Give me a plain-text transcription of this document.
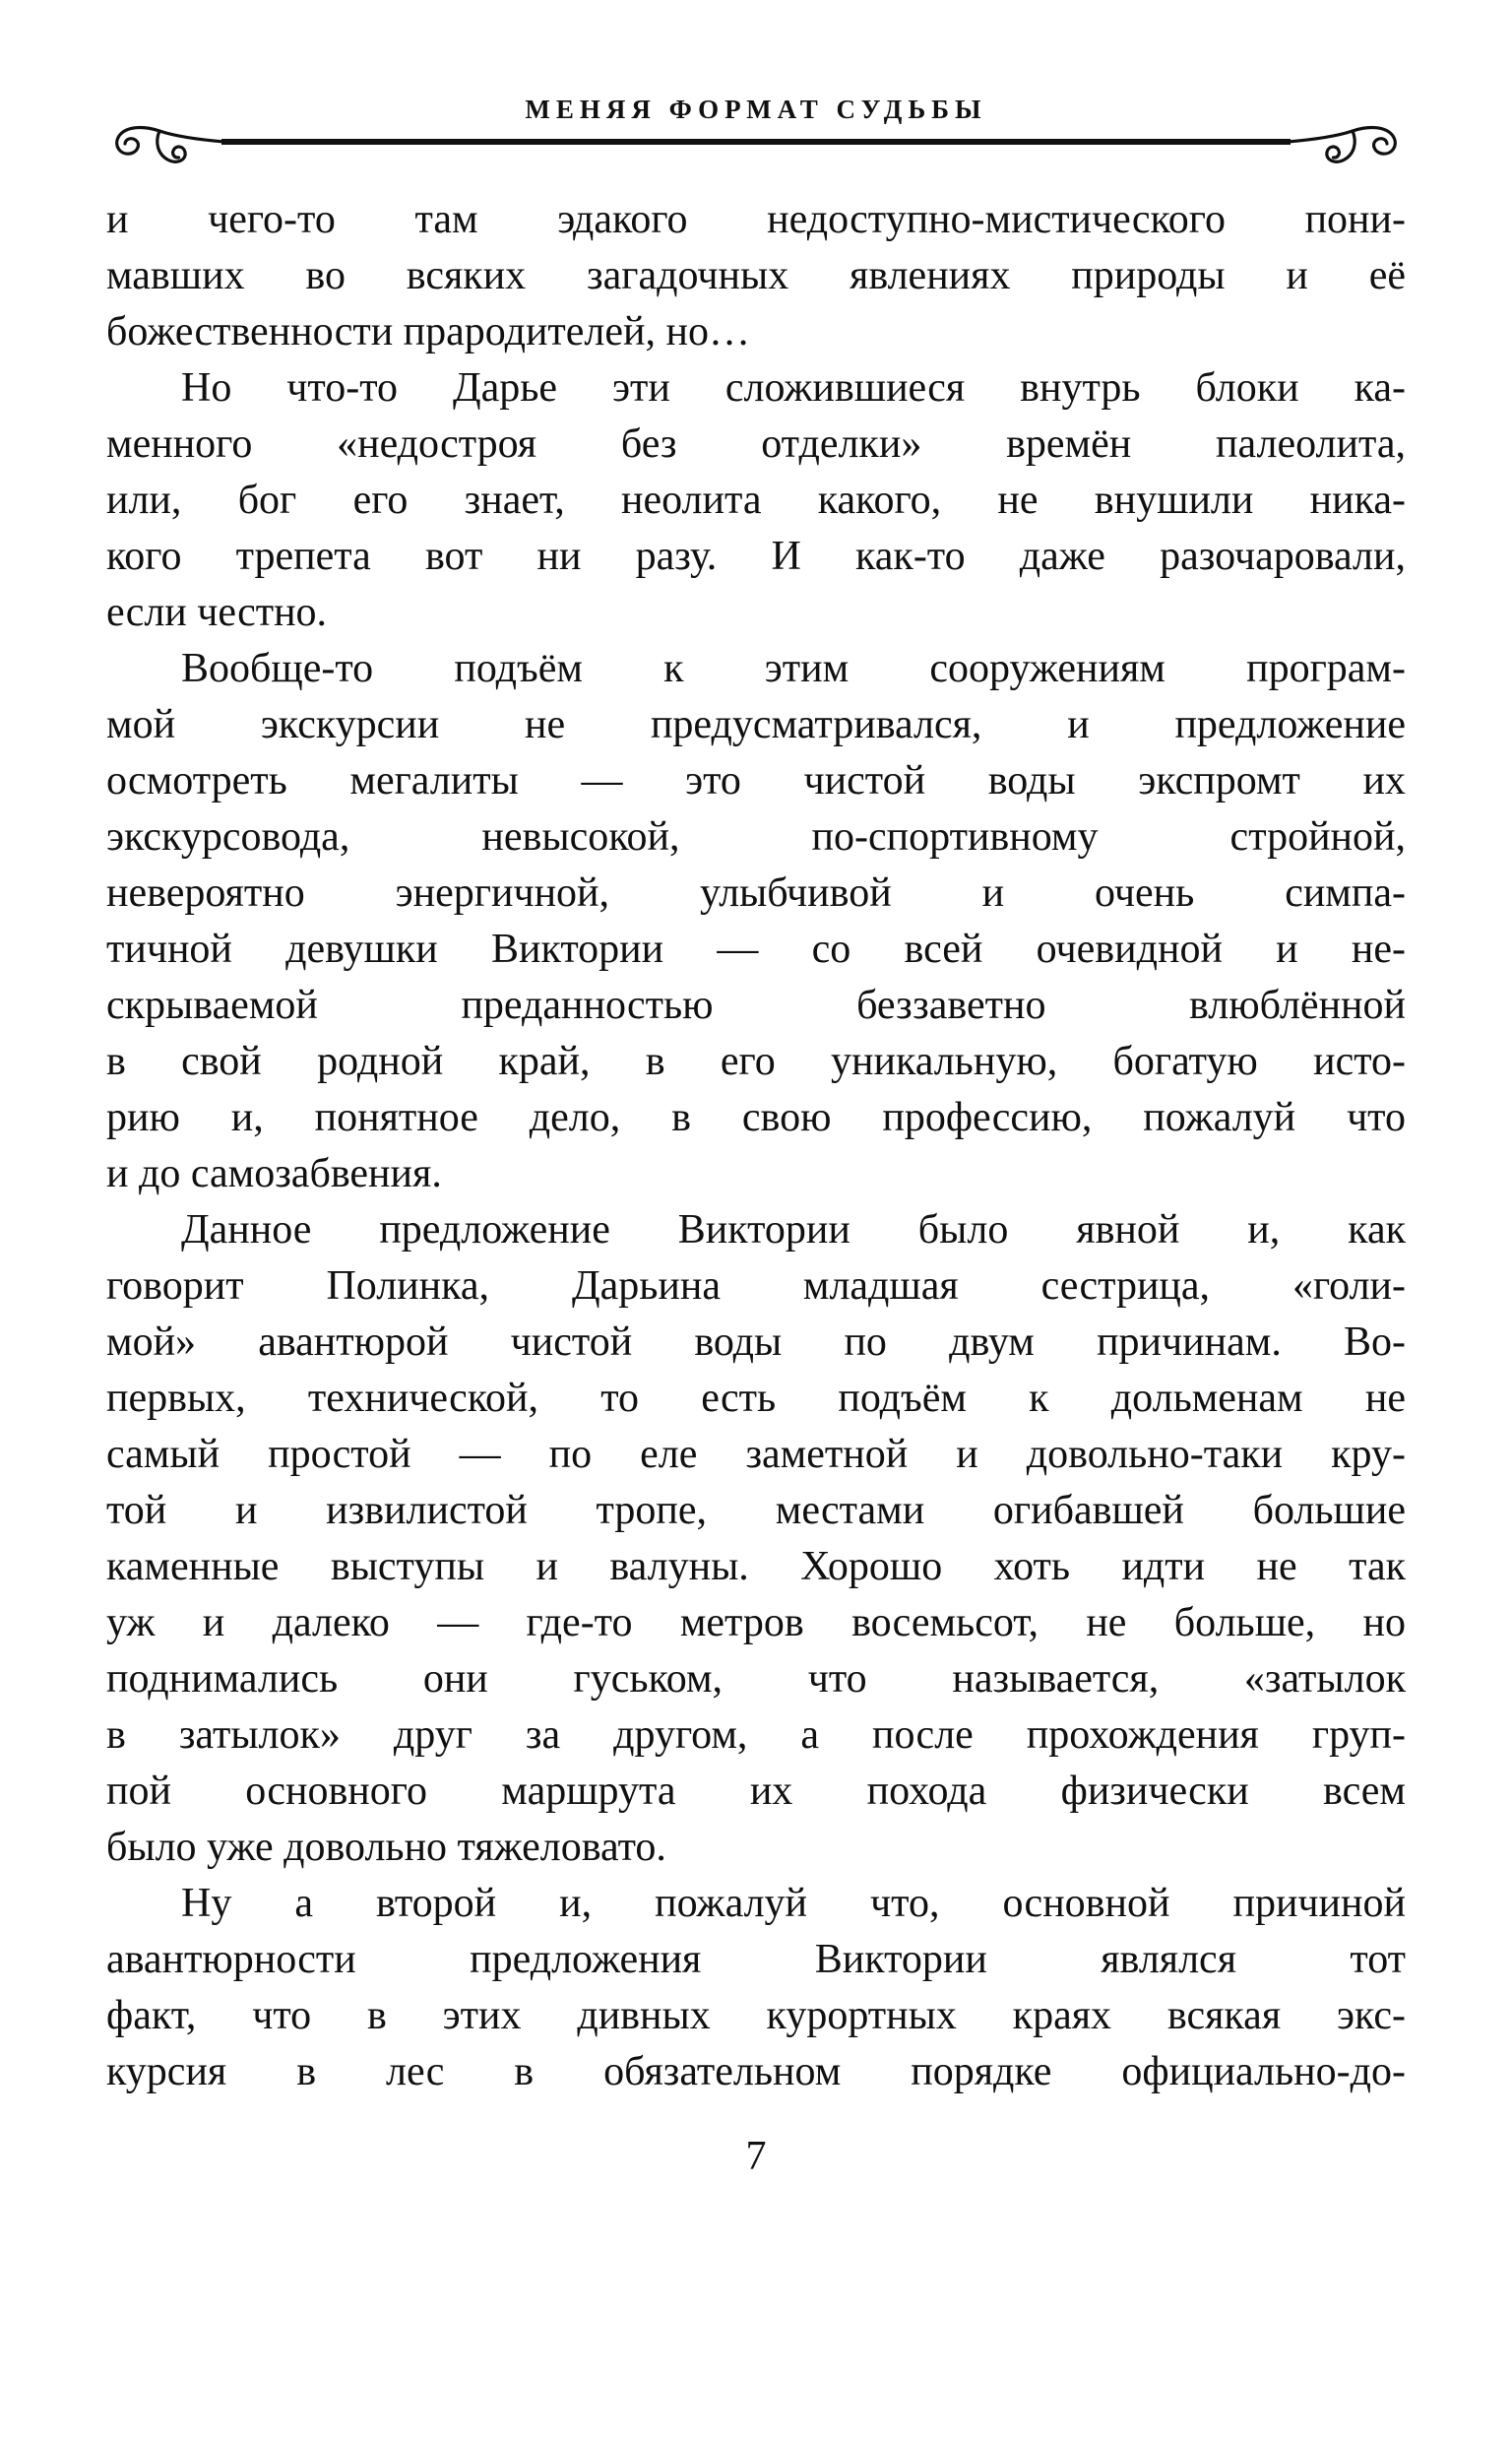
МЕНЯЯ ФОРМАТ СУДЬБЫ
и чего-то там эдакого недоступно-мистического пони-
мавших во всяких загадочных явлениях природы и её
божественности прародителей, но…
Но что-то Дарье эти сложившиеся внутрь блоки ка-
менного «недостроя без отделки» времён палеолита,
или, бог его знает, неолита какого, не внушили ника-
кого трепета вот ни разу. И как-то даже разочаровали,
если честно.
Вообще-то подъём к этим сооружениям програм-
мой экскурсии не предусматривался, и предложение
осмотреть мегалиты — это чистой воды экспромт их
экскурсовода, невысокой, по-спортивному стройной,
невероятно энергичной, улыбчивой и очень симпа-
тичной девушки Виктории — со всей очевидной и не-
скрываемой преданностью беззаветно влюблённой
в свой родной край, в его уникальную, богатую исто-
рию и, понятное дело, в свою профессию, пожалуй что
и до самозабвения.
Данное предложение Виктории было явной и, как
говорит Полинка, Дарьина младшая сестрица, «голи-
мой» авантюрой чистой воды по двум причинам. Во-
первых, технической, то есть подъём к дольменам не
самый простой — по еле заметной и довольно-таки кру-
той и извилистой тропе, местами огибавшей большие
каменные выступы и валуны. Хорошо хоть идти не так
уж и далеко — где-то метров восемьсот, не больше, но
поднимались они гуськом, что называется, «затылок
в затылок» друг за другом, а после прохождения груп-
пой основного маршрута их похода физически всем
было уже довольно тяжеловато.
Ну а второй и, пожалуй что, основной причиной
авантюрности предложения Виктории являлся тот
факт, что в этих дивных курортных краях всякая экс-
курсия в лес в обязательном порядке официально-до-
7
